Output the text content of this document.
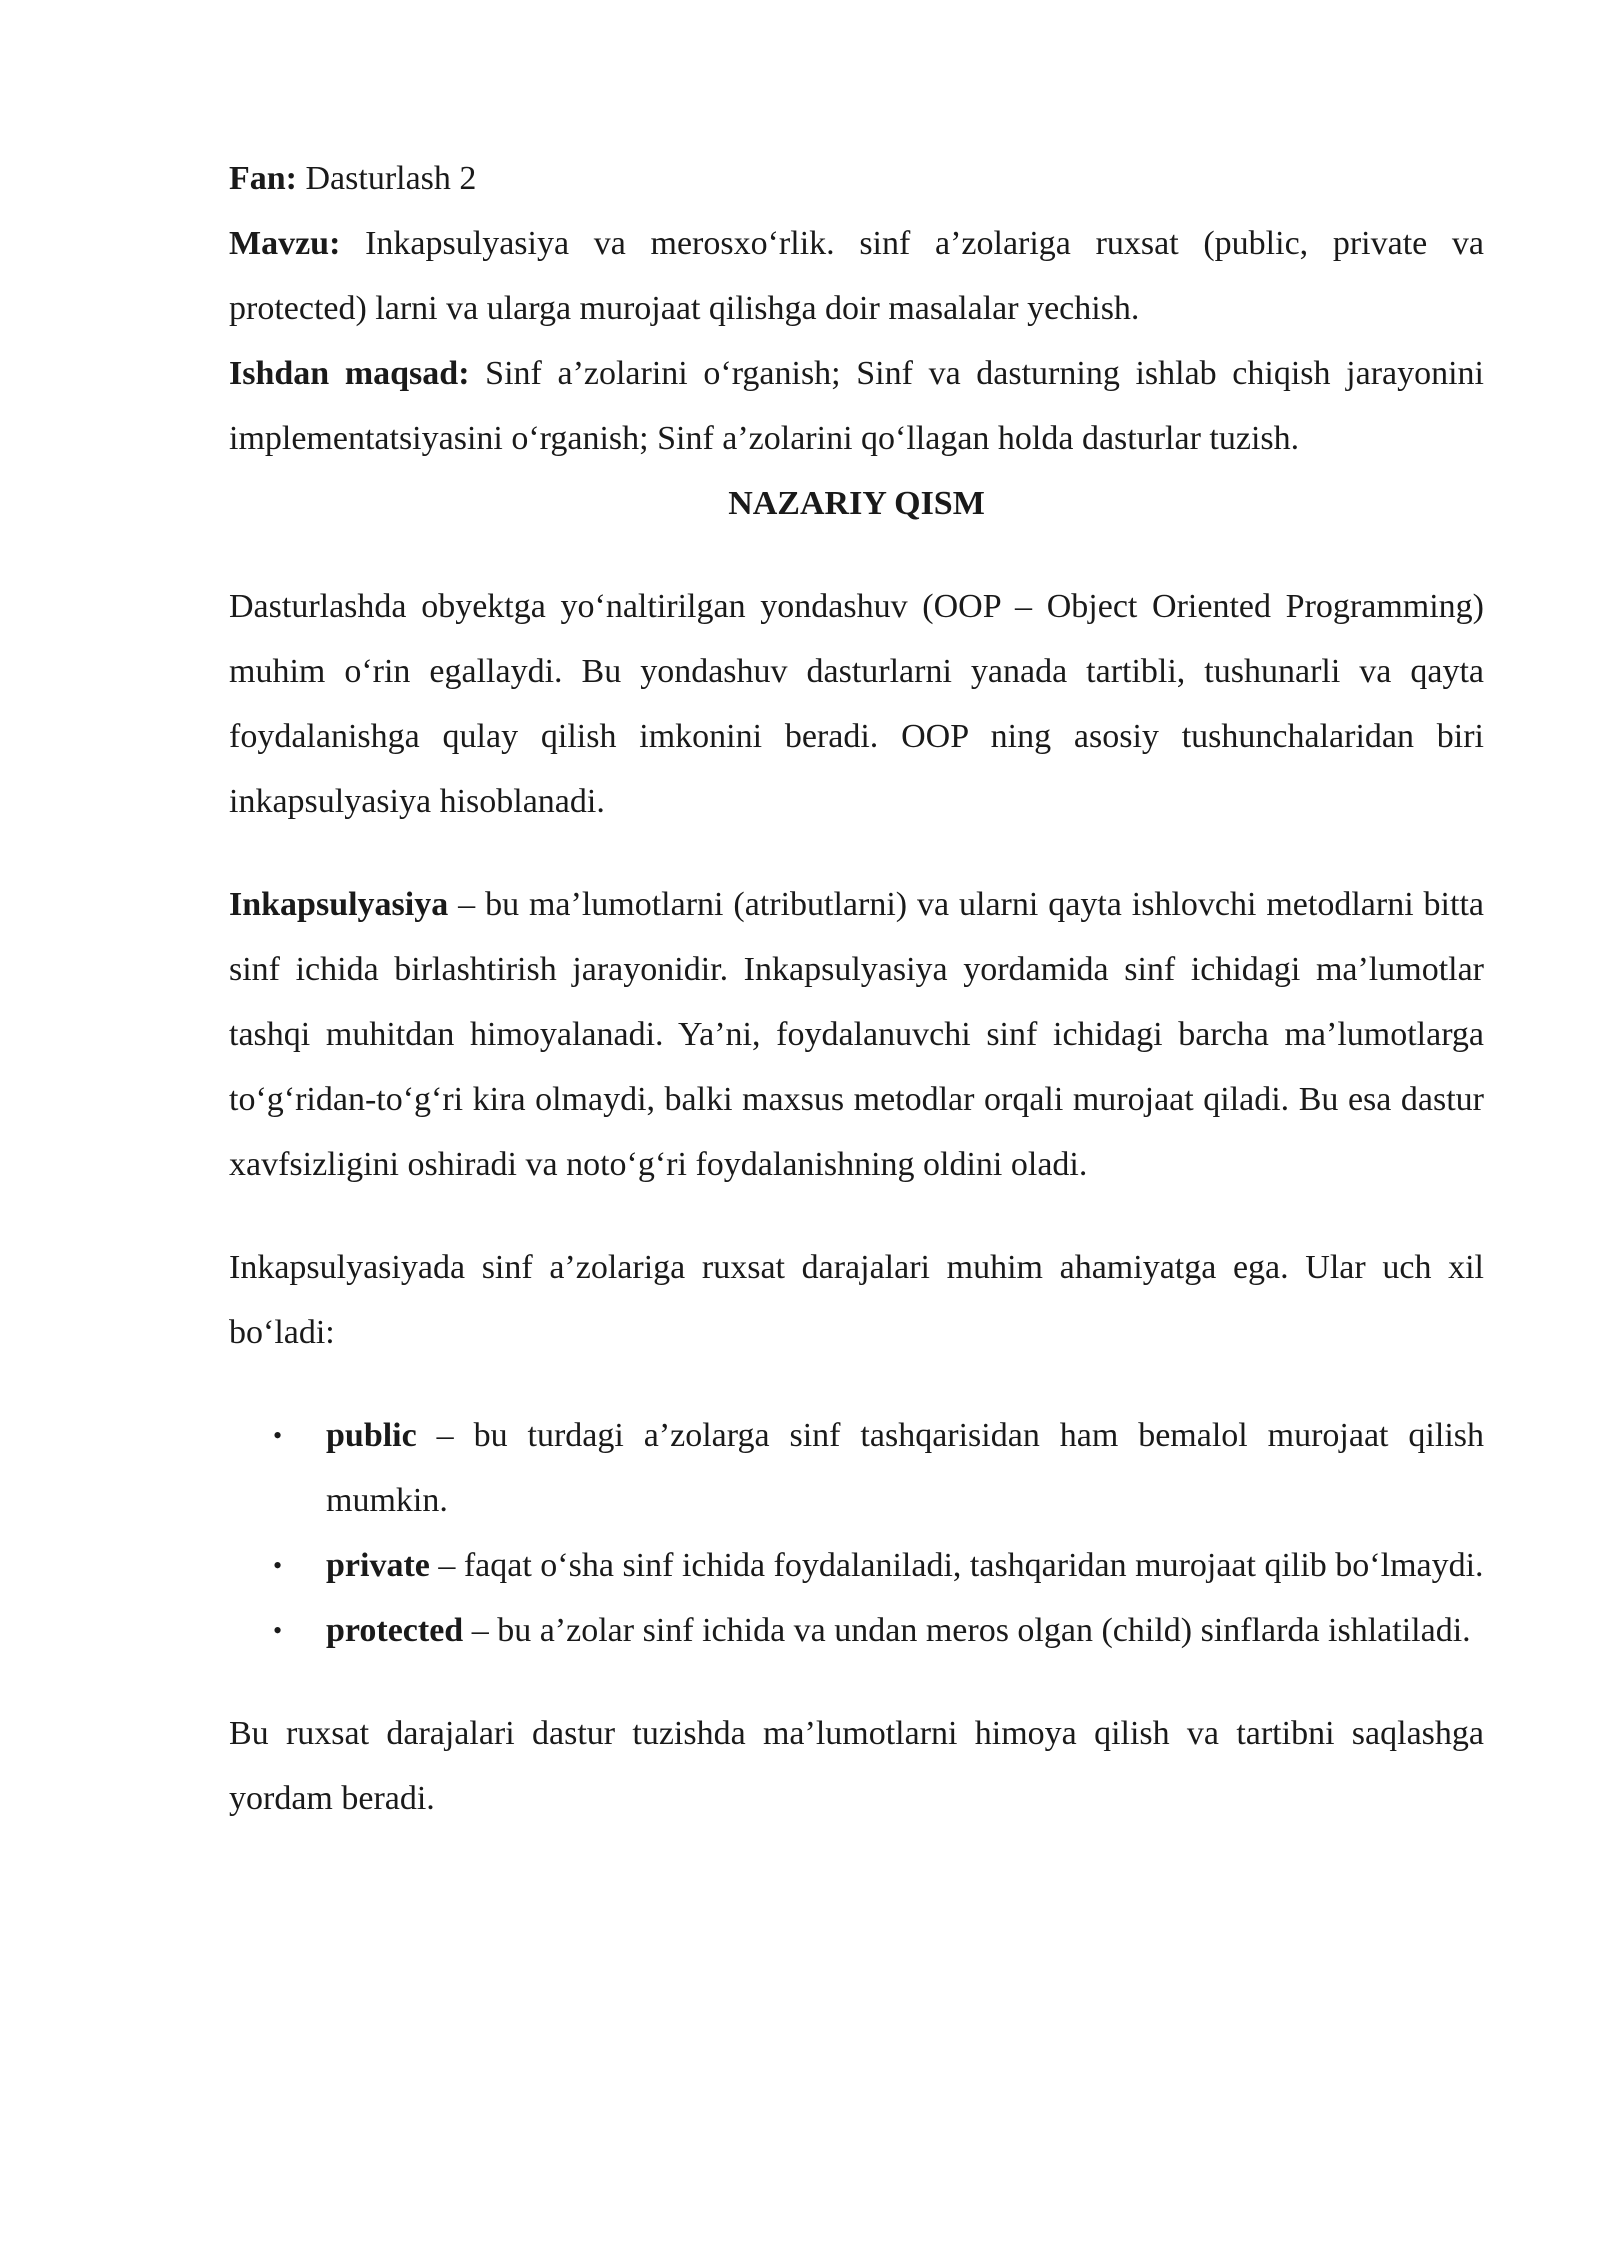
Fan: Dasturlash 2

Mavzu: Inkapsulyasiya va merosxo‘rlik. sinf a’zolariga ruxsat (public, private va protected) larni va ularga murojaat qilishga doir masalalar yechish.

Ishdan maqsad: Sinf a’zolarini o‘rganish; Sinf va dasturning ishlab chiqish jarayonini implementatsiyasini o‘rganish; Sinf a’zolarini qo‘llagan holda dasturlar tuzish.

NAZARIY QISM

Dasturlashda obyektga yo‘naltirilgan yondashuv (OOP – Object Oriented Programming) muhim o‘rin egallaydi. Bu yondashuv dasturlarni yanada tartibli, tushunarli va qayta foydalanishga qulay qilish imkonini beradi. OOP ning asosiy tushunchalaridan biri inkapsulyasiya hisoblanadi.

Inkapsulyasiya – bu ma’lumotlarni (atributlarni) va ularni qayta ishlovchi metodlarni bitta sinf ichida birlashtirish jarayonidir. Inkapsulyasiya yordamida sinf ichidagi ma’lumotlar tashqi muhitdan himoyalanadi. Ya’ni, foydalanuvchi sinf ichidagi barcha ma’lumotlarga to‘g‘ridan-to‘g‘ri kira olmaydi, balki maxsus metodlar orqali murojaat qiladi. Bu esa dastur xavfsizligini oshiradi va noto‘g‘ri foydalanishning oldini oladi.

Inkapsulyasiyada sinf a’zolariga ruxsat darajalari muhim ahamiyatga ega. Ular uch xil bo‘ladi:

• public – bu turdagi a’zolarga sinf tashqarisidan ham bemalol murojaat qilish mumkin.
• private – faqat o‘sha sinf ichida foydalaniladi, tashqaridan murojaat qilib bo‘lmaydi.
• protected – bu a’zolar sinf ichida va undan meros olgan (child) sinflarda ishlatiladi.

Bu ruxsat darajalari dastur tuzishda ma’lumotlarni himoya qilish va tartibni saqlashga yordam beradi.
